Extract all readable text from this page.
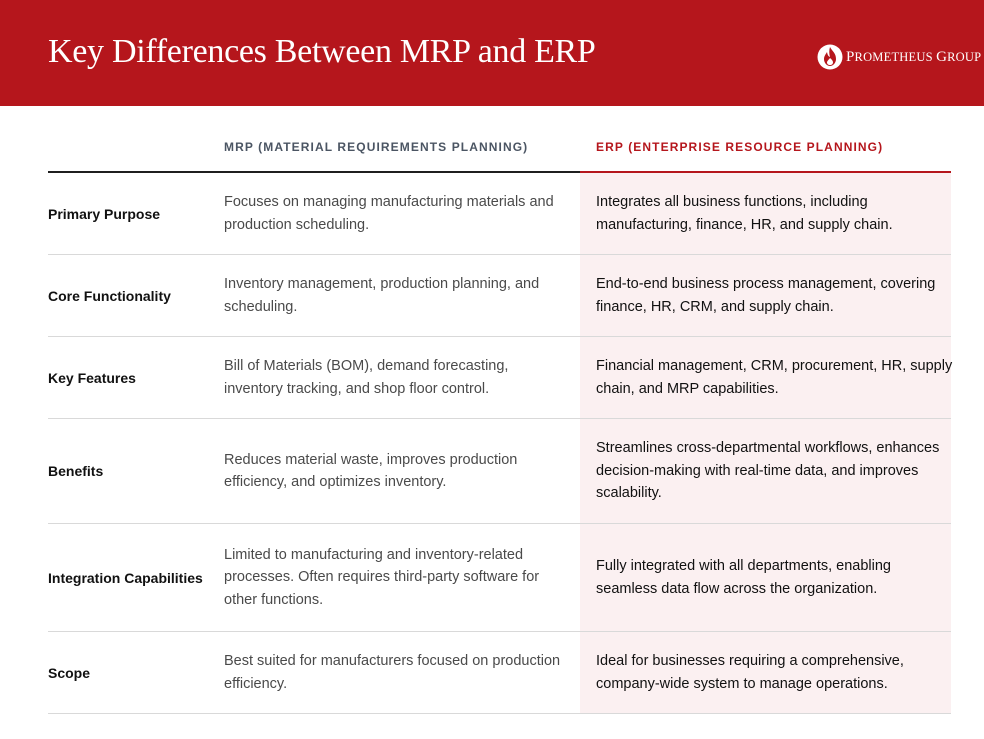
Key Differences Between MRP and ERP	PROMETHEUS GROUP
MRP (MATERIAL REQUIREMENTS PLANNING)	ERP (ENTERPRISE RESOURCE PLANNING)
Primary Purpose
Focuses on managing manufacturing materials and production scheduling.
Integrates all business functions, including manufacturing, finance, HR, and supply chain.
Core Functionality
Inventory management, production planning, and scheduling.
End-to-end business process management, covering finance, HR, CRM, and supply chain.
Key Features
Bill of Materials (BOM), demand forecasting, inventory tracking, and shop floor control.
Financial management, CRM, procurement, HR, supply chain, and MRP capabilities.
Benefits
Reduces material waste, improves production efficiency, and optimizes inventory.
Streamlines cross-departmental workflows, enhances decision-making with real-time data, and improves scalability.
Integration Capabilities
Limited to manufacturing and inventory-related processes. Often requires third-party software for other functions.
Fully integrated with all departments, enabling seamless data flow across the organization.
Scope
Best suited for manufacturers focused on production efficiency.
Ideal for businesses requiring a comprehensive, company-wide system to manage operations.
